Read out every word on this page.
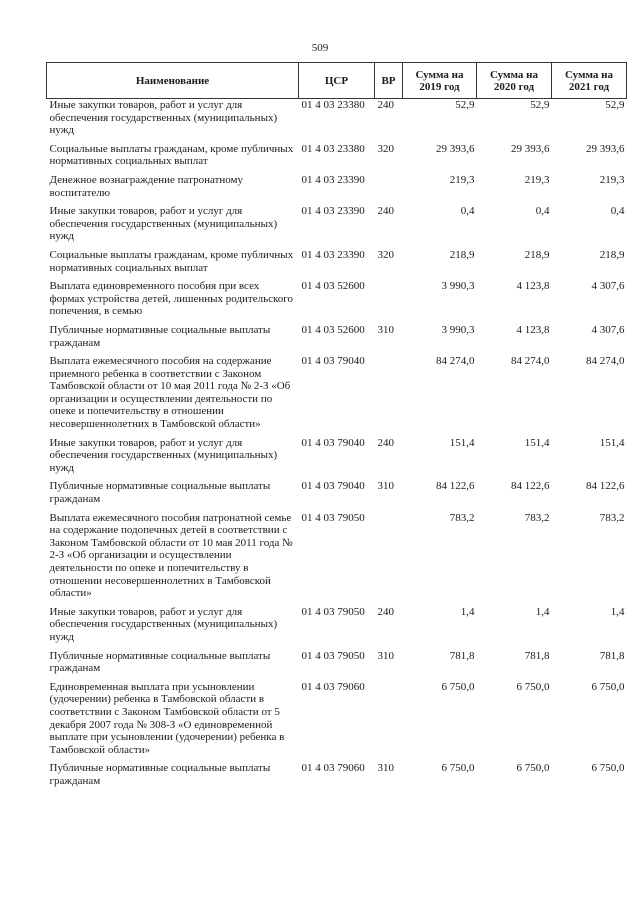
509
Наименование	ЦСР	ВР	Сумма на 2019 год	Сумма на 2020 год	Сумма на 2021 год
Иные закупки товаров, работ и услуг для обеспечения государственных (муниципальных) нужд	01 4 03 23380	240	52,9	52,9	52,9
Социальные выплаты гражданам, кроме публичных нормативных социальных выплат	01 4 03 23380	320	29 393,6	29 393,6	29 393,6
Денежное вознаграждение патронатному воспитателю	01 4 03 23390		219,3	219,3	219,3
Иные закупки товаров, работ и услуг для обеспечения государственных (муниципальных) нужд	01 4 03 23390	240	0,4	0,4	0,4
Социальные выплаты гражданам, кроме публичных нормативных социальных выплат	01 4 03 23390	320	218,9	218,9	218,9
Выплата единовременного пособия при всех формах устройства детей, лишенных родительского попечения, в семью	01 4 03 52600		3 990,3	4 123,8	4 307,6
Публичные нормативные социальные выплаты гражданам	01 4 03 52600	310	3 990,3	4 123,8	4 307,6
Выплата ежемесячного пособия на содержание приемного ребенка в соответствии с Законом Тамбовской области от 10 мая 2011 года № 2-З «Об организации и осуществлении деятельности по опеке и попечительству в отношении несовершеннолетних в Тамбовской области»	01 4 03 79040		84 274,0	84 274,0	84 274,0
Иные закупки товаров, работ и услуг для обеспечения государственных (муниципальных) нужд	01 4 03 79040	240	151,4	151,4	151,4
Публичные нормативные социальные выплаты гражданам	01 4 03 79040	310	84 122,6	84 122,6	84 122,6
Выплата ежемесячного пособия патронатной семье на содержание подопечных детей в соответствии с Законом Тамбовской области от 10 мая 2011 года № 2-З «Об организации и осуществлении деятельности по опеке и попечительству в отношении несовершеннолетних в Тамбовской области»	01 4 03 79050		783,2	783,2	783,2
Иные закупки товаров, работ и услуг для обеспечения государственных (муниципальных) нужд	01 4 03 79050	240	1,4	1,4	1,4
Публичные нормативные социальные выплаты гражданам	01 4 03 79050	310	781,8	781,8	781,8
Единовременная выплата при усыновлении (удочерении) ребенка в Тамбовской области в соответствии с Законом Тамбовской области от 5 декабря 2007 года № 308-З «О единовременной выплате при усыновлении (удочерении) ребенка в Тамбовской области»	01 4 03 79060		6 750,0	6 750,0	6 750,0
Публичные нормативные социальные выплаты гражданам	01 4 03 79060	310	6 750,0	6 750,0	6 750,0
